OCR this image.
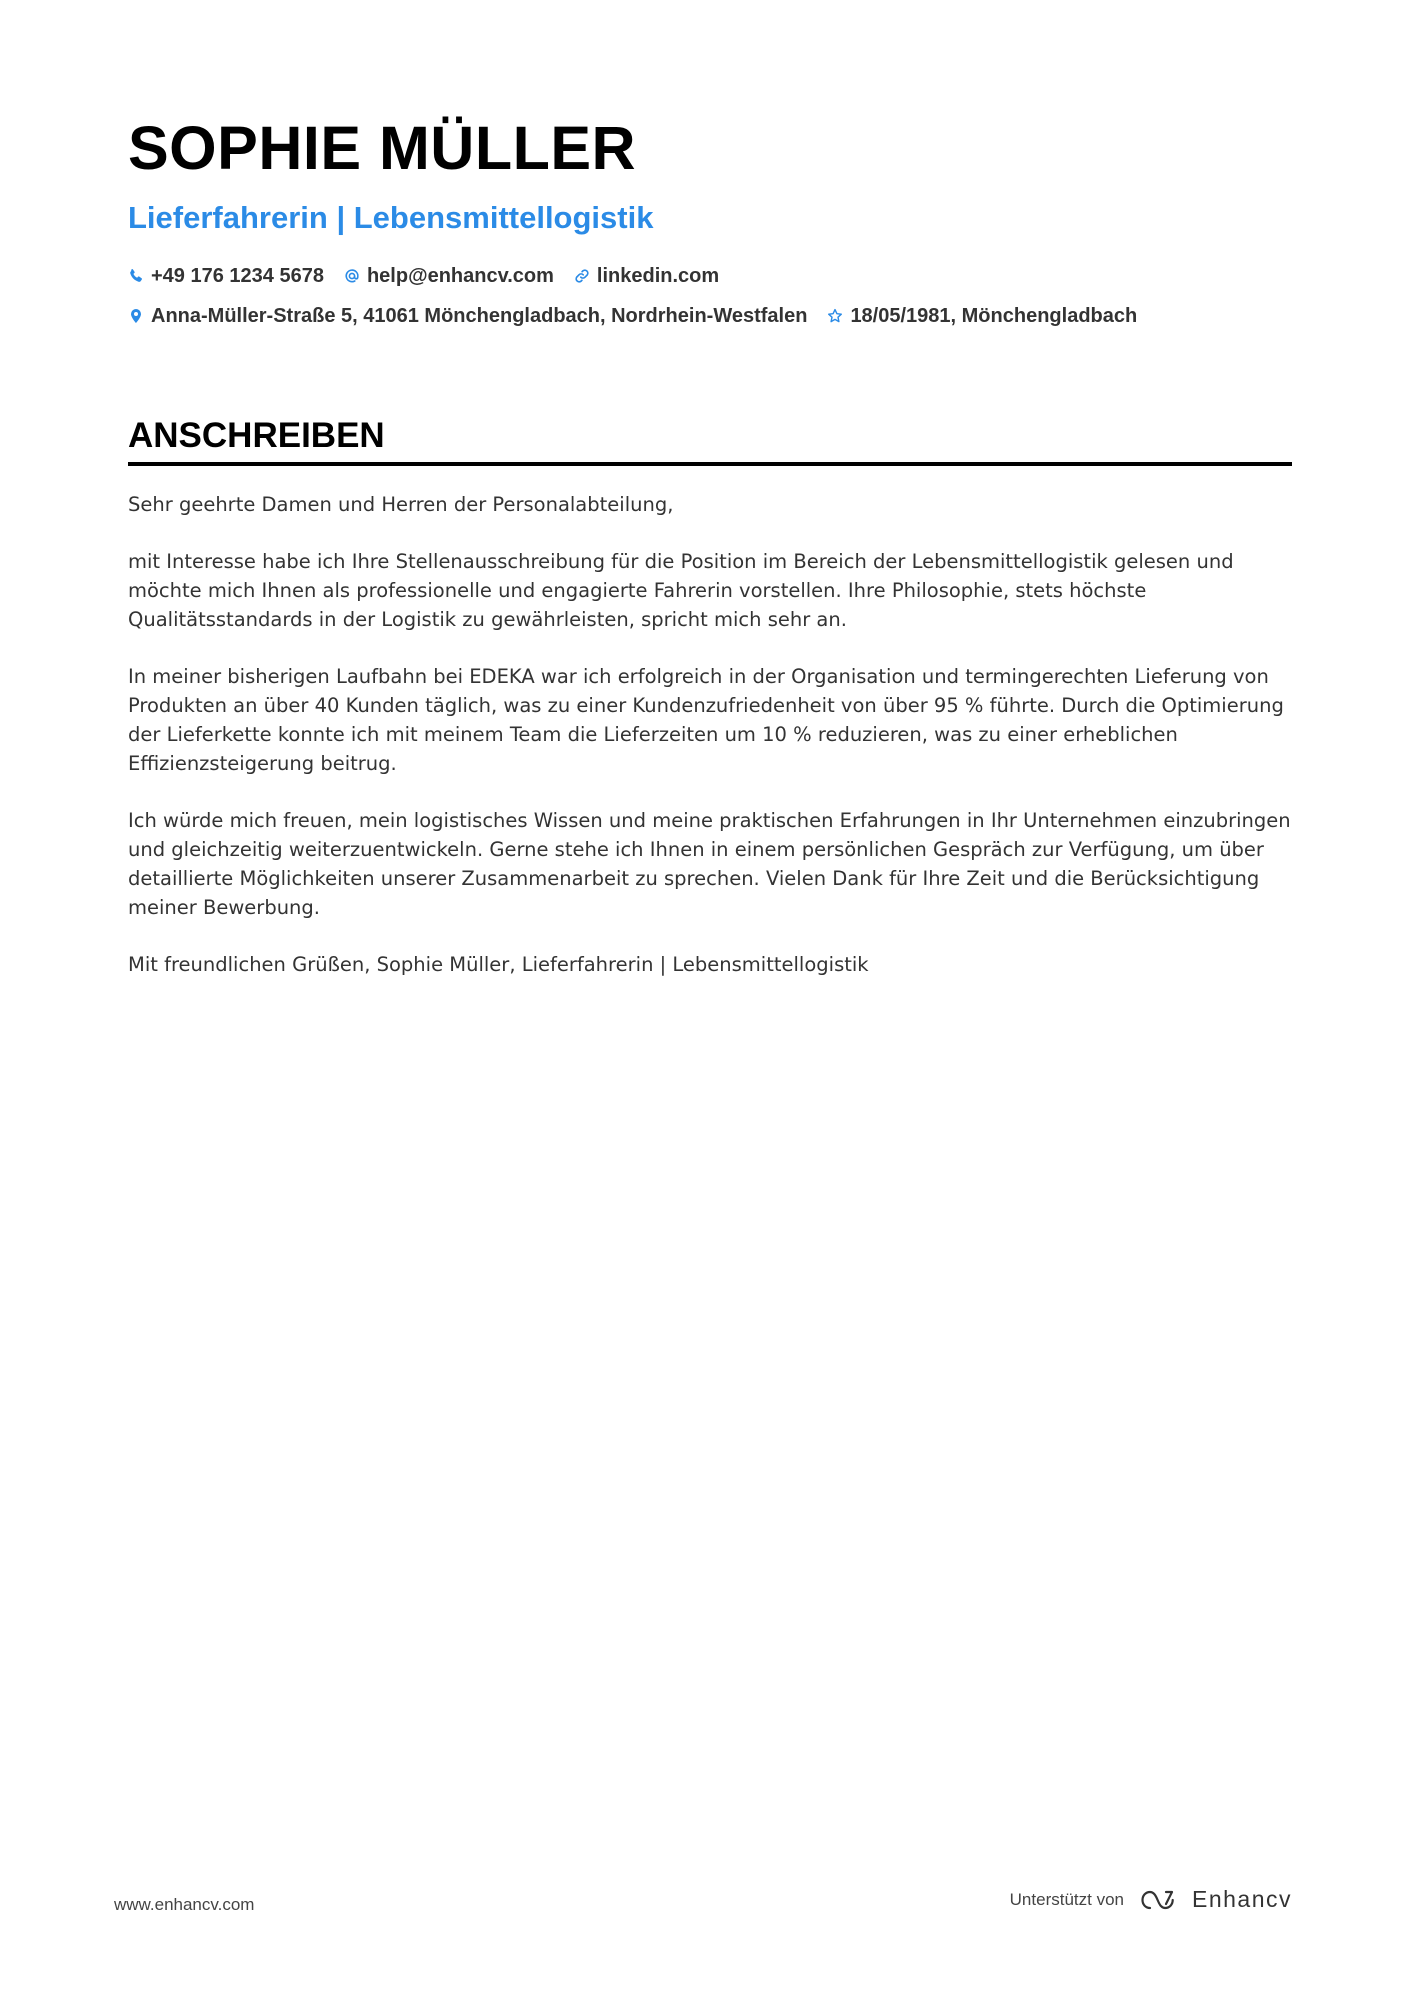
SOPHIE MÜLLER
Lieferfahrerin | Lebensmittellogistik
+49 176 1234 5678 help@enhancv.com linkedin.com
Anna-Müller-Straße 5, 41061 Mönchengladbach, Nordrhein-Westfalen 18/05/1981, Mönchengladbach
ANSCHREIBEN

Sehr geehrte Damen und Herren der Personalabteilung,

mit Interesse habe ich Ihre Stellenausschreibung für die Position im Bereich der Lebensmittellogistik gelesen und möchte mich Ihnen als professionelle und engagierte Fahrerin vorstellen. Ihre Philosophie, stets höchste Qualitätsstandards in der Logistik zu gewährleisten, spricht mich sehr an.

In meiner bisherigen Laufbahn bei EDEKA war ich erfolgreich in der Organisation und termingerechten Lieferung von Produkten an über 40 Kunden täglich, was zu einer Kundenzufriedenheit von über 95 % führte. Durch die Optimierung der Lieferkette konnte ich mit meinem Team die Lieferzeiten um 10 % reduzieren, was zu einer erheblichen Effizienzsteigerung beitrug.

Ich würde mich freuen, mein logistisches Wissen und meine praktischen Erfahrungen in Ihr Unternehmen einzubringen und gleichzeitig weiterzuentwickeln. Gerne stehe ich Ihnen in einem persönlichen Gespräch zur Verfügung, um über detaillierte Möglichkeiten unserer Zusammenarbeit zu sprechen. Vielen Dank für Ihre Zeit und die Berücksichtigung meiner Bewerbung.

Mit freundlichen Grüßen, Sophie Müller, Lieferfahrerin | Lebensmittellogistik

www.enhancv.com	Unterstützt von	Enhancv
